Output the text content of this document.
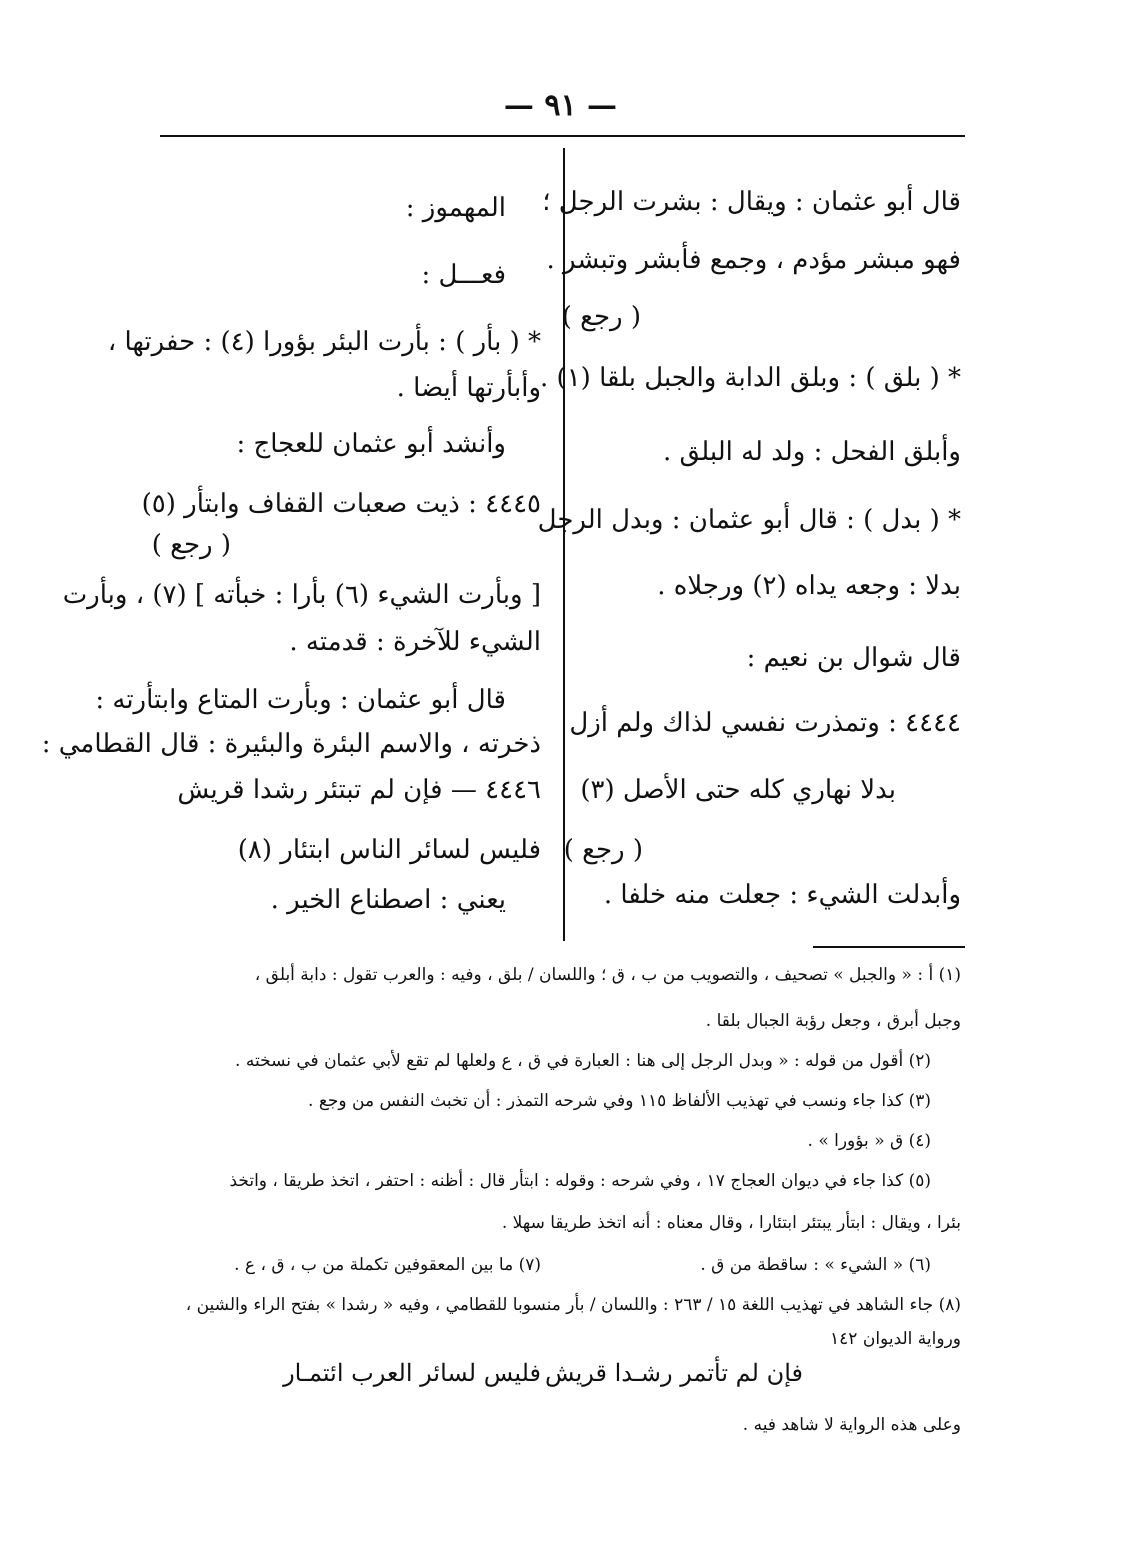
— ٩١ —
قال أبو عثمان : ويقال : بشرت الرجل ؛
فهو مبشر مؤدم ، وجمع فأبشر وتبشر .
( رجع )
* ( بلق ) : وبلق الدابة والجبل بلقا (١) .
وأبلق الفحل : ولد له البلق .
* ( بدل ) : قال أبو عثمان : وبدل الرجل
بدلا : وجعه يداه (٢) ورجلاه .
قال شوال بن نعيم :
٤٤٤٤ : وتمذرت نفسي لذاك ولم أزل
بدلا نهاري كله حتى الأصل (٣)
( رجع )
وأبدلت الشيء : جعلت منه خلفا .
المهموز :
فعـــل :
* ( بأر ) : بأرت البئر بؤورا (٤) : حفرتها ،
وأبأرتها أيضا .
وأنشد أبو عثمان للعجاج :
٤٤٤٥ : ذيت صعبات القفاف وابتأر (٥)
( رجع )
[ وبأرت الشيء (٦) بأرا : خبأته ] (٧) ، وبأرت
الشيء للآخرة : قدمته .
قال أبو عثمان : وبأرت المتاع وابتأرته :
ذخرته ، والاسم البئرة والبئيرة : قال القطامي :
٤٤٤٦ — فإن لم تبتئر رشدا قريش
فليس لسائر الناس ابتئار (٨)
يعني : اصطناع الخير .
(١) أ : « والجبل » تصحيف ، والتصويب من ب ، ق ؛ واللسان / بلق ، وفيه : والعرب تقول : دابة أبلق ،
وجبل أبرق ، وجعل رؤبة الجبال بلقا .
(٢) أقول من قوله : « وبدل الرجل إلى هنا : العبارة في ق ، ع ولعلها لم تقع لأبي عثمان في نسخته .
(٣) كذا جاء ونسب في تهذيب الألفاظ ١١٥ وفي شرحه التمذر : أن تخبث النفس من وجع .
(٤) ق « بؤورا » .
(٥) كذا جاء في ديوان العجاج ١٧ ، وفي شرحه : وقوله : ابتأر قال : أظنه : احتفر ، اتخذ طريقا ، واتخذ
بئرا ، ويقال : ابتأر يبتئر ابتئارا ، وقال معناه : أنه اتخذ طريقا سهلا .
(٦) « الشيء » : ساقطة من ق .
(٧) ما بين المعقوفين تكملة من ب ، ق ، ع .
(٨) جاء الشاهد في تهذيب اللغة ١٥ / ٢٦٣ : واللسان / بأر منسوبا للقطامي ، وفيه « رشدا » بفتح الراء والشين ،
ورواية الديوان ١٤٢
فإن لم تأتمر رشـدا قريش
فليس لسائر العرب ائتمـار
وعلى هذه الرواية لا شاهد فيه .
